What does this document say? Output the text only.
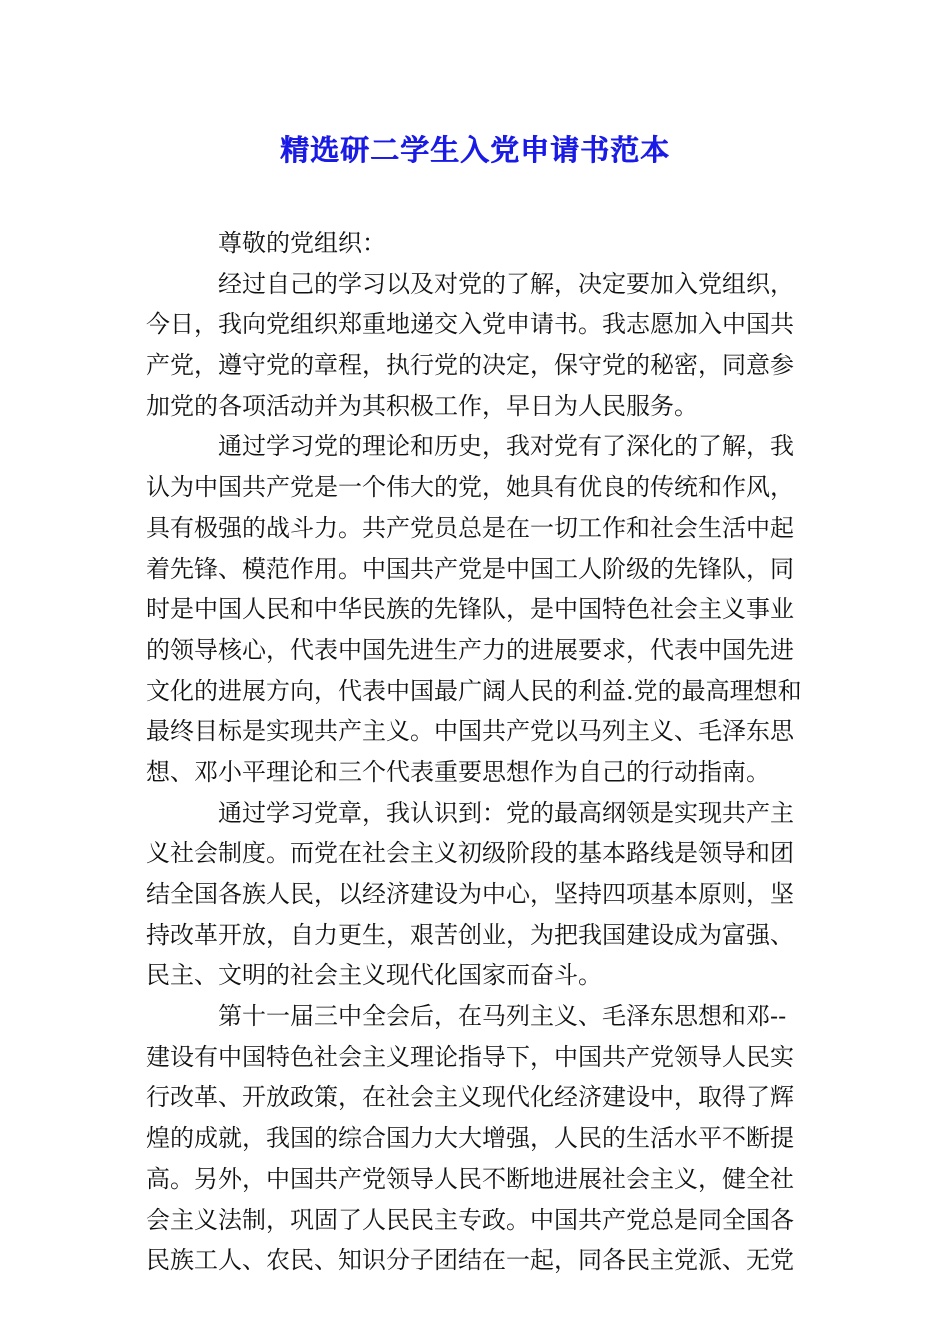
精选研二学生入党申请书范本
尊敬的党组织：
经过自己的学习以及对党的了解，决定要加入党组织，
今日，我向党组织郑重地递交入党申请书。我志愿加入中国共
产党，遵守党的章程，执行党的决定，保守党的秘密，同意参
加党的各项活动并为其积极工作，早日为人民服务。
通过学习党的理论和历史，我对党有了深化的了解，我
认为中国共产党是一个伟大的党，她具有优良的传统和作风，
具有极强的战斗力。共产党员总是在一切工作和社会生活中起
着先锋、模范作用。中国共产党是中国工人阶级的先锋队，同
时是中国人民和中华民族的先锋队，是中国特色社会主义事业
的领导核心，代表中国先进生产力的进展要求，代表中国先进
文化的进展方向，代表中国最广阔人民的利益.党的最高理想和
最终目标是实现共产主义。中国共产党以马列主义、毛泽东思
想、邓小平理论和三个代表重要思想作为自己的行动指南。
通过学习党章，我认识到：党的最高纲领是实现共产主
义社会制度。而党在社会主义初级阶段的基本路线是领导和团
结全国各族人民，以经济建设为中心，坚持四项基本原则，坚
持改革开放，自力更生，艰苦创业，为把我国建设成为富强、
民主、文明的社会主义现代化国家而奋斗。
第十一届三中全会后，在马列主义、毛泽东思想和邓--
建设有中国特色社会主义理论指导下，中国共产党领导人民实
行改革、开放政策，在社会主义现代化经济建设中，取得了辉
煌的成就，我国的综合国力大大增强，人民的生活水平不断提
高。另外，中国共产党领导人民不断地进展社会主义，健全社
会主义法制，巩固了人民民主专政。中国共产党总是同全国各
民族工人、农民、知识分子团结在一起，同各民主党派、无党
